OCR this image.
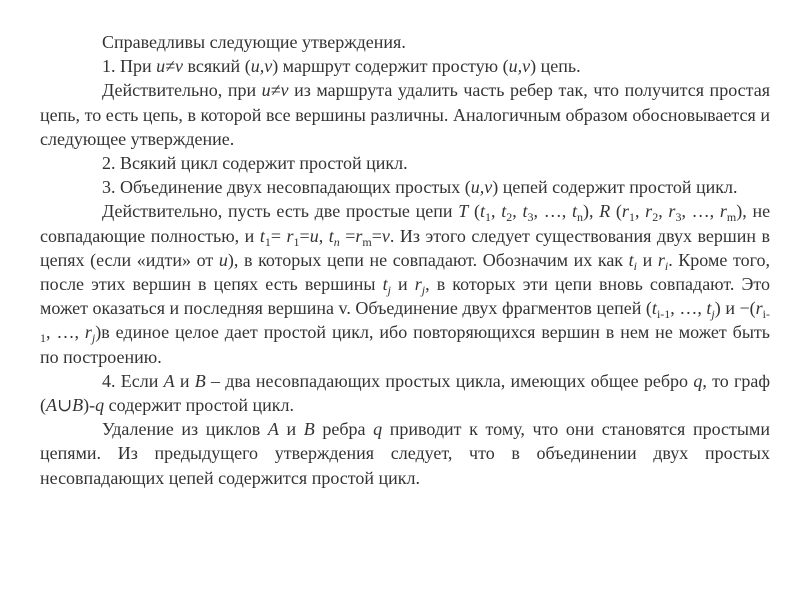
Справедливы следующие утверждения.

1. При u≠v всякий (u,v) маршрут содержит простую (u,v) цепь.

Действительно, при u≠v из маршрута удалить часть ребер так, что получится простая цепь, то есть цепь, в которой все вершины различны. Аналогичным образом обосновывается и следующее утверждение.

2. Всякий цикл содержит простой цикл.

3. Объединение двух несовпадающих простых (u,v) цепей содержит простой цикл.

Действительно, пусть есть две простые цепи T ($t_1$, $t_2$, $t_3$, …, $t_n$), R ($r_1$, $r_2$, $r_3$, …, $r_m$), не совпадающие полностью, и $t_1= r_1=u$, $t_n =r_m=v$. Из этого следует существования двух вершин в цепях (если «идти» от u), в которых цепи не совпадают. Обозначим их как $t_i$ и $r_i$. Кроме того, после этих вершин в цепях есть вершины $t_j$ и $r_j$, в которых эти цепи вновь совпадают. Это может оказаться и последняя вершина v. Объединение двух фрагментов цепей ($t_{i-1}$, …, $t_j$) $и -(r_{i-1}$, …, $r_j)в$ единое целое дает простой цикл, ибо повторяющихся вершин в нем не может быть по построению.

4. Если A и B – два несовпадающих простых цикла, имеющих общее ребро q, то граф (A∪B)-q содержит простой цикл.

Удаление из циклов A и B ребра q приводит к тому, что они становятся простыми цепями. Из предыдущего утверждения следует, что в объединении двух простых несовпадающих цепей содержится простой цикл.
